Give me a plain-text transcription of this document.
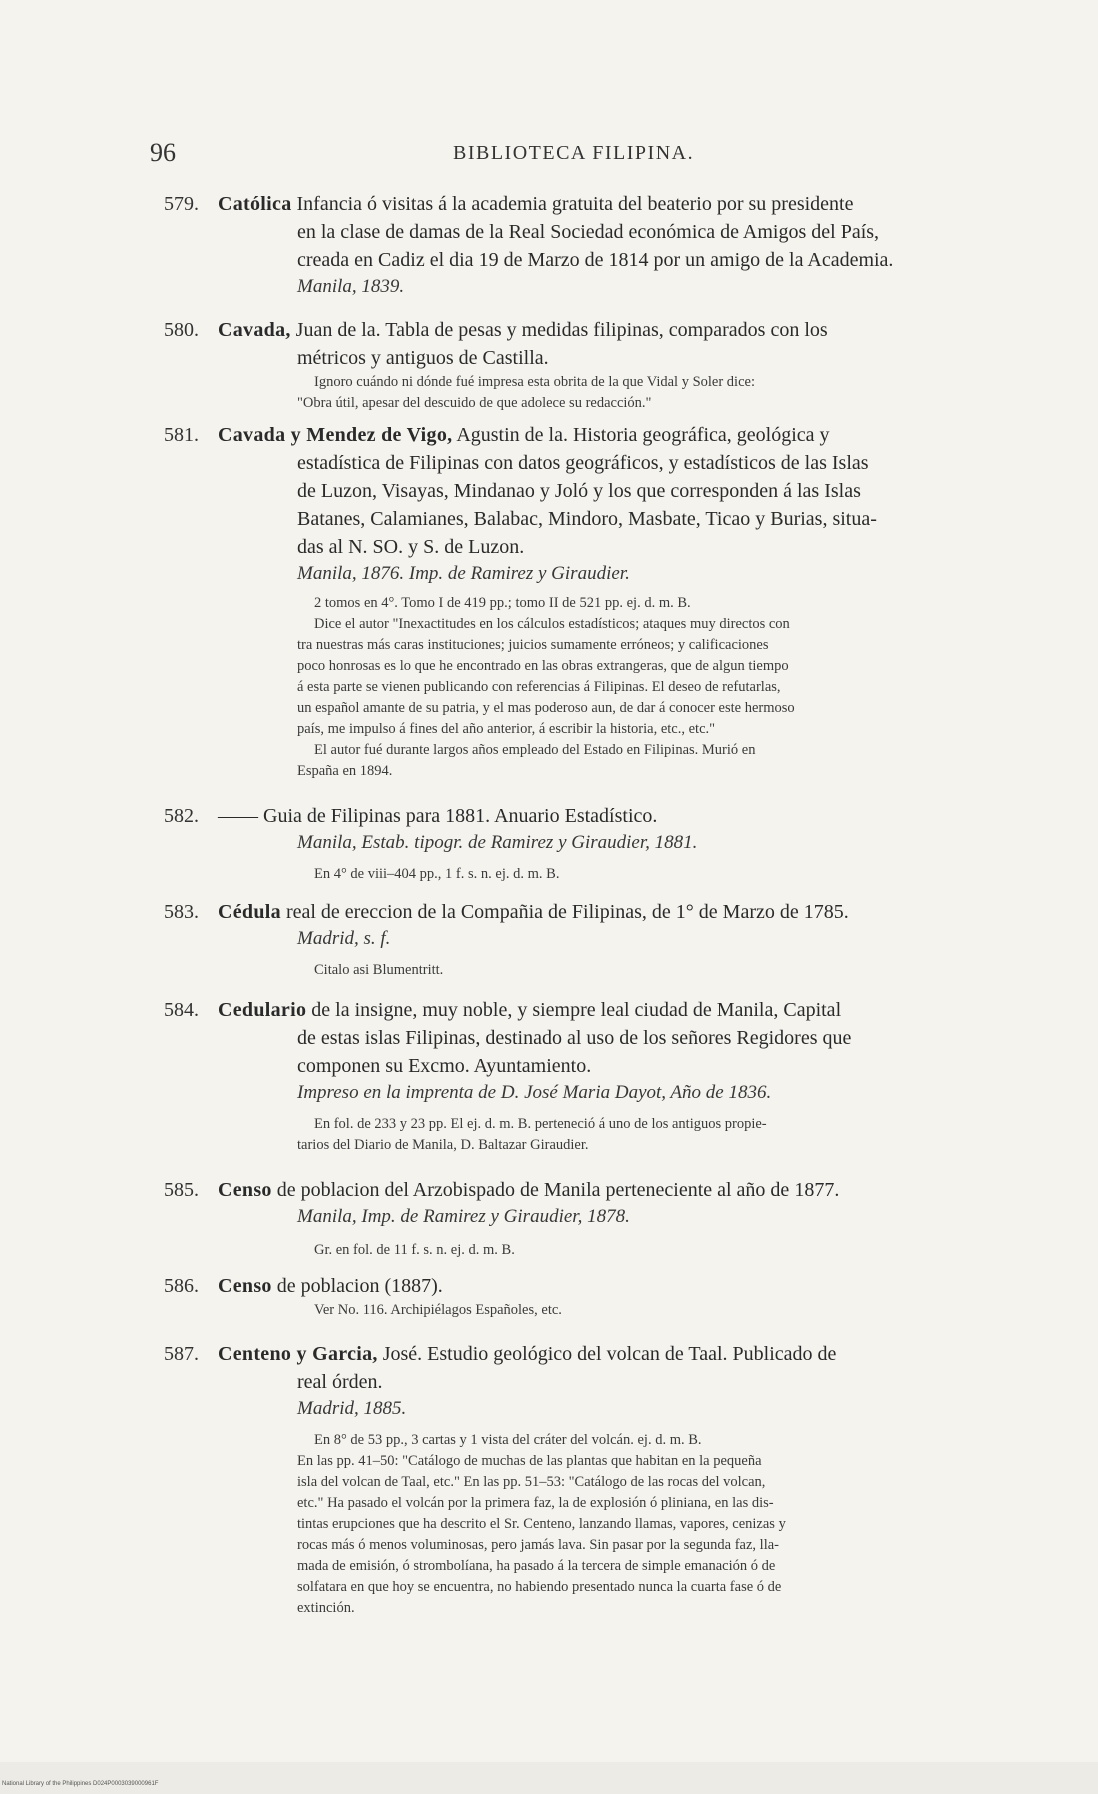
96	BIBLIOTECA FILIPINA.
579. Católica Infancia ó visitas á la academia gratuita del beaterio por su presidente
en la clase de damas de la Real Sociedad económica de Amigos del País,
creada en Cadiz el dia 19 de Marzo de 1814 por un amigo de la Academia.
Manila, 1839.
580. Cavada, Juan de la. Tabla de pesas y medidas filipinas, comparados con los
métricos y antiguos de Castilla.
Ignoro cuándo ni dónde fué impresa esta obrita de la que Vidal y Soler dice:
"Obra útil, apesar del descuido de que adolece su redacción."
581. Cavada y Mendez de Vigo, Agustin de la. Historia geográfica, geológica y
estadística de Filipinas con datos geográficos, y estadísticos de las Islas
de Luzon, Visayas, Mindanao y Joló y los que corresponden á las Islas
Batanes, Calamianes, Balabac, Mindoro, Masbate, Ticao y Burias, situa-
das al N. SO. y S. de Luzon.
Manila, 1876. Imp. de Ramirez y Giraudier.
2 tomos en 4°. Tomo I de 419 pp.; tomo II de 521 pp. ej. d. m. B.
Dice el autor "Inexactitudes en los cálculos estadísticos; ataques muy directos con
tra nuestras más caras instituciones; juicios sumamente erróneos; y calificaciones
poco honrosas es lo que he encontrado en las obras extrangeras, que de algun tiempo
á esta parte se vienen publicando con referencias á Filipinas. El deseo de refutarlas,
un español amante de su patria, y el mas poderoso aun, de dar á conocer este hermoso
país, me impulso á fines del año anterior, á escribir la historia, etc., etc."
El autor fué durante largos años empleado del Estado en Filipinas. Murió en
España en 1894.
582. —— Guia de Filipinas para 1881. Anuario Estadístico.
Manila, Estab. tipogr. de Ramirez y Giraudier, 1881.
En 4° de viii–404 pp., 1 f. s. n. ej. d. m. B.
583. Cédula real de ereccion de la Compañia de Filipinas, de 1° de Marzo de 1785.
Madrid, s. f.
Citalo asi Blumentritt.
584. Cedulario de la insigne, muy noble, y siempre leal ciudad de Manila, Capital
de estas islas Filipinas, destinado al uso de los señores Regidores que
componen su Excmo. Ayuntamiento.
Impreso en la imprenta de D. José Maria Dayot, Año de 1836.
En fol. de 233 y 23 pp. El ej. d. m. B. perteneció á uno de los antiguos propie-
tarios del Diario de Manila, D. Baltazar Giraudier.
585. Censo de poblacion del Arzobispado de Manila perteneciente al año de 1877.
Manila, Imp. de Ramirez y Giraudier, 1878.
Gr. en fol. de 11 f. s. n. ej. d. m. B.
586. Censo de poblacion (1887).
Ver No. 116. Archipiélagos Españoles, etc.
587. Centeno y Garcia, José. Estudio geológico del volcan de Taal. Publicado de
real órden.
Madrid, 1885.
En 8° de 53 pp., 3 cartas y 1 vista del cráter del volcán. ej. d. m. B.
En las pp. 41–50: "Catálogo de muchas de las plantas que habitan en la pequeña
isla del volcan de Taal, etc." En las pp. 51–53: "Catálogo de las rocas del volcan,
etc." Ha pasado el volcán por la primera faz, la de explosión ó pliniana, en las dis-
tintas erupciones que ha descrito el Sr. Centeno, lanzando llamas, vapores, cenizas y
rocas más ó menos voluminosas, pero jamás lava. Sin pasar por la segunda faz, lla-
mada de emisión, ó strombolíana, ha pasado á la tercera de simple emanación ó de
solfatara en que hoy se encuentra, no habiendo presentado nunca la cuarta fase ó de
extinción.
National Library of the Philippines D024P0003039000961F
